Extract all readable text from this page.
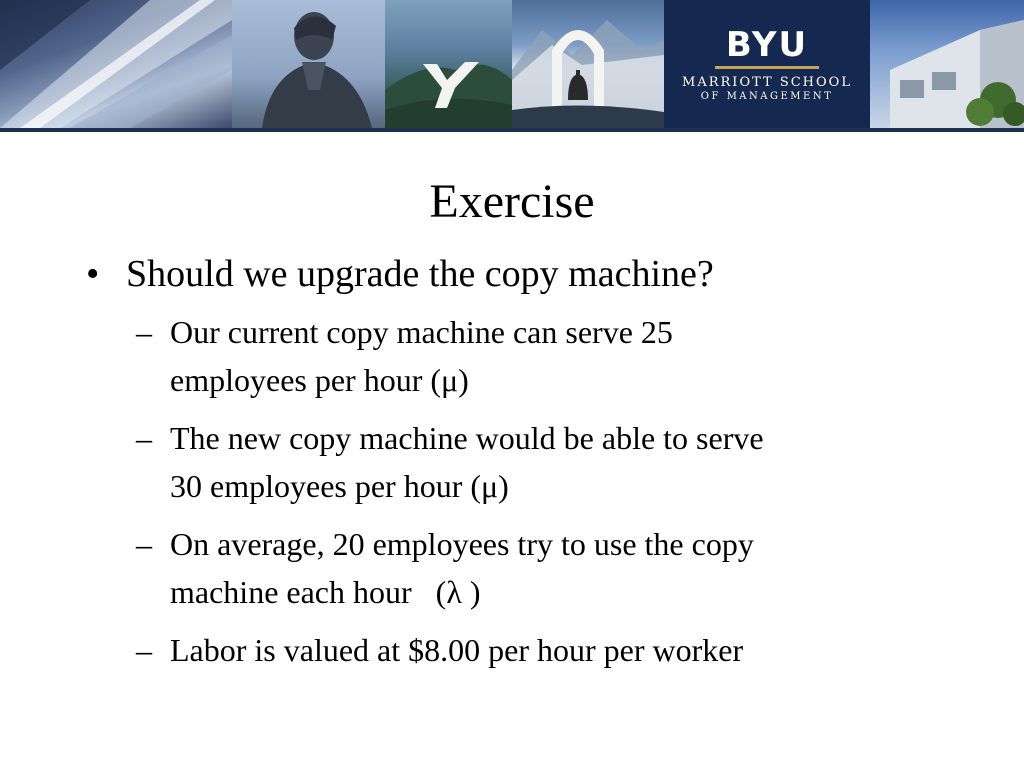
BYU
MARRIOTT SCHOOL
OF MANAGEMENT
Exercise
• Should we upgrade the copy machine?
– Our current copy machine can serve 25
employees per hour (μ)
– The new copy machine would be able to serve
30 employees per hour (μ)
– On average, 20 employees try to use the copy
machine each hour   (λ )
– Labor is valued at $8.00 per hour per worker
